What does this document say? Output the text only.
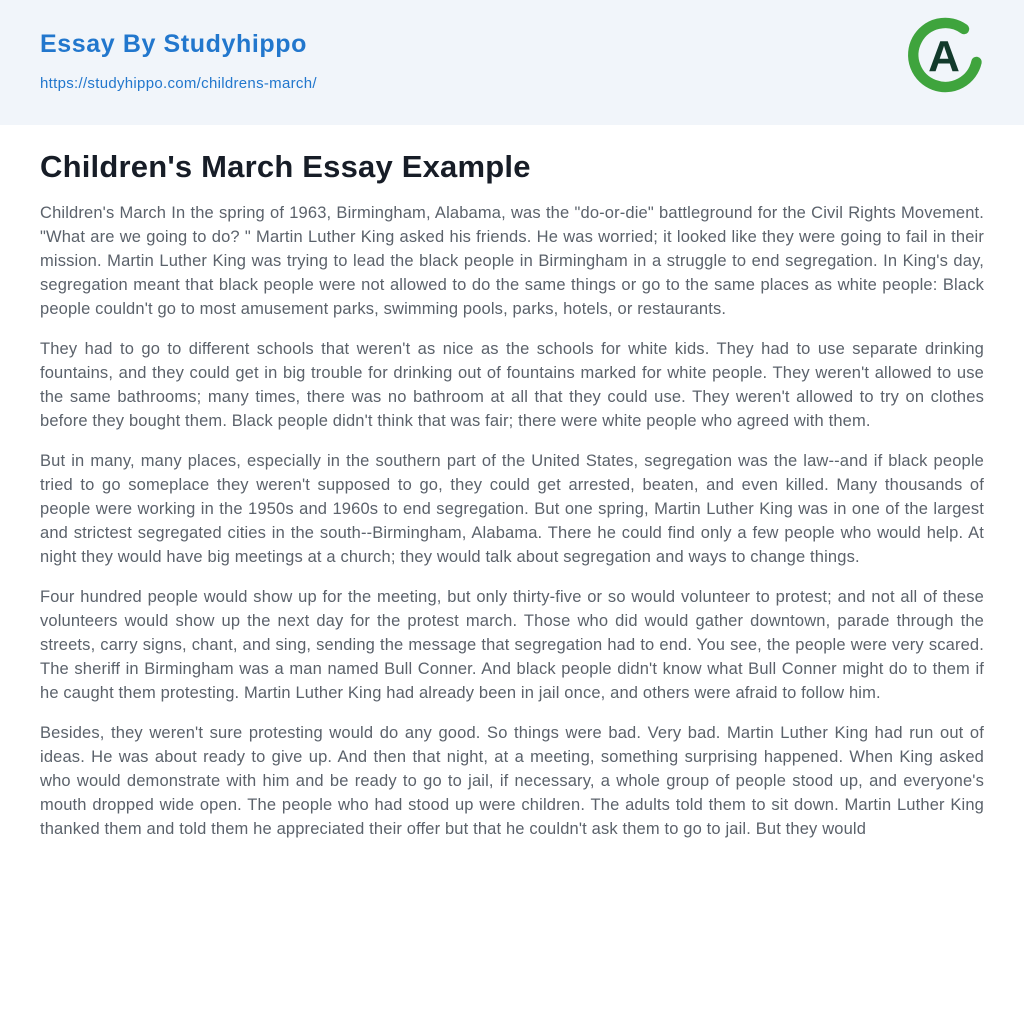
Essay By Studyhippo
https://studyhippo.com/childrens-march/
A
Children's March Essay Example

Children's March In the spring of 1963, Birmingham, Alabama, was the "do-or-die" battleground for the Civil Rights Movement. "What are we going to do? " Martin Luther King asked his friends. He was worried; it looked like they were going to fail in their mission. Martin Luther King was trying to lead the black people in Birmingham in a struggle to end segregation. In King's day, segregation meant that black people were not allowed to do the same things or go to the same places as white people: Black people couldn't go to most amusement parks, swimming pools, parks, hotels, or restaurants.

They had to go to different schools that weren't as nice as the schools for white kids. They had to use separate drinking fountains, and they could get in big trouble for drinking out of fountains marked for white people. They weren't allowed to use the same bathrooms; many times, there was no bathroom at all that they could use. They weren't allowed to try on clothes before they bought them. Black people didn't think that was fair; there were white people who agreed with them.

But in many, many places, especially in the southern part of the United States, segregation was the law--and if black people tried to go someplace they weren't supposed to go, they could get arrested, beaten, and even killed. Many thousands of people were working in the 1950s and 1960s to end segregation. But one spring, Martin Luther King was in one of the largest and strictest segregated cities in the south--Birmingham, Alabama. There he could find only a few people who would help. At night they would have big meetings at a church; they would talk about segregation and ways to change things.

Four hundred people would show up for the meeting, but only thirty-five or so would volunteer to protest; and not all of these volunteers would show up the next day for the protest march. Those who did would gather downtown, parade through the streets, carry signs, chant, and sing, sending the message that segregation had to end. You see, the people were very scared. The sheriff in Birmingham was a man named Bull Conner. And black people didn't know what Bull Conner might do to them if he caught them protesting. Martin Luther King had already been in jail once, and others were afraid to follow him.

Besides, they weren't sure protesting would do any good. So things were bad. Very bad. Martin Luther King had run out of ideas. He was about ready to give up. And then that night, at a meeting, something surprising happened. When King asked who would demonstrate with him and be ready to go to jail, if necessary, a whole group of people stood up, and everyone's mouth dropped wide open. The people who had stood up were children. The adults told them to sit down. Martin Luther King thanked them and told them he appreciated their offer but that he couldn't ask them to go to jail. But they would
